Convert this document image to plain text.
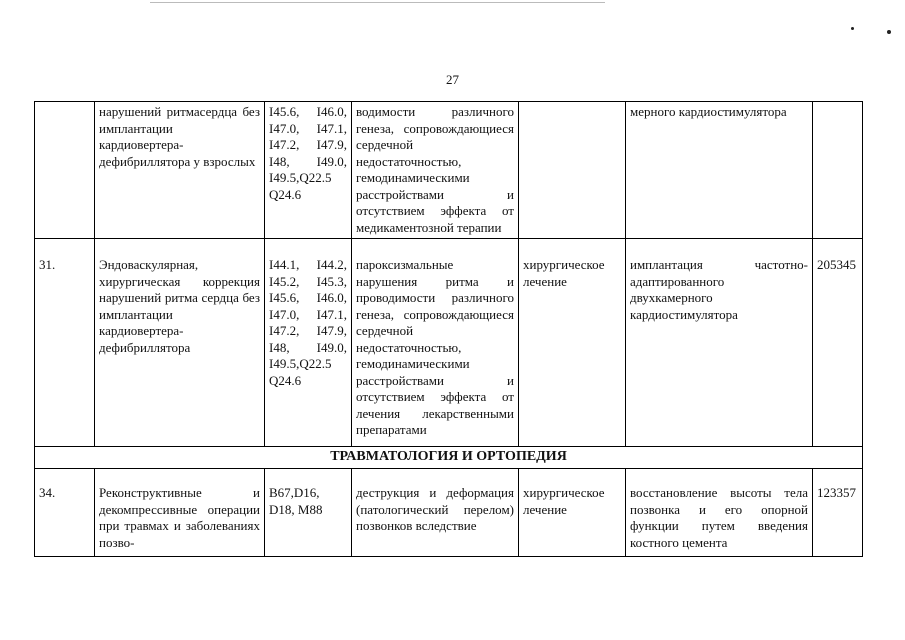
27
	нарушений ритмасердца без имплантации кардиовертера-дефибриллятора у взрослых	I45.6, I46.0, I47.0, I47.1, I47.2, I47.9, I48, I49.0, I49.5,Q22.5 Q24.6	водимости различного генеза, сопровождающиеся сердечной недостаточностью, гемодинамическими расстройствами и отсутствием эффекта от медикаментозной терапии		мерного кардиостимулятора	
31.	Эндоваскулярная, хирургическая коррекция нарушений ритма сердца без имплантации кардиовертера-дефибриллятора	I44.1, I44.2, I45.2, I45.3, I45.6, I46.0, I47.0, I47.1, I47.2, I47.9, I48, I49.0, I49.5,Q22.5 Q24.6	пароксизмальные нарушения ритма и проводимости различного генеза, сопровождающиеся сердечной недостаточностью, гемодинамическими расстройствами и отсутствием эффекта от лечения лекарственными препаратами	хирургическое лечение	имплантация частотно-адаптированного двухкамерного кардиостимулятора	205345
ТРАВМАТОЛОГИЯ И ОРТОПЕДИЯ						
34.	Реконструктивные и декомпрессивные операции при травмах и заболеваниях позво-	B67,D16, D18, M88	деструкция и деформация (патологический перелом) позвонков вследствие	хирургическое лечение	восстановление высоты тела позвонка и его опорной функции путем введения костного цемента	123357
